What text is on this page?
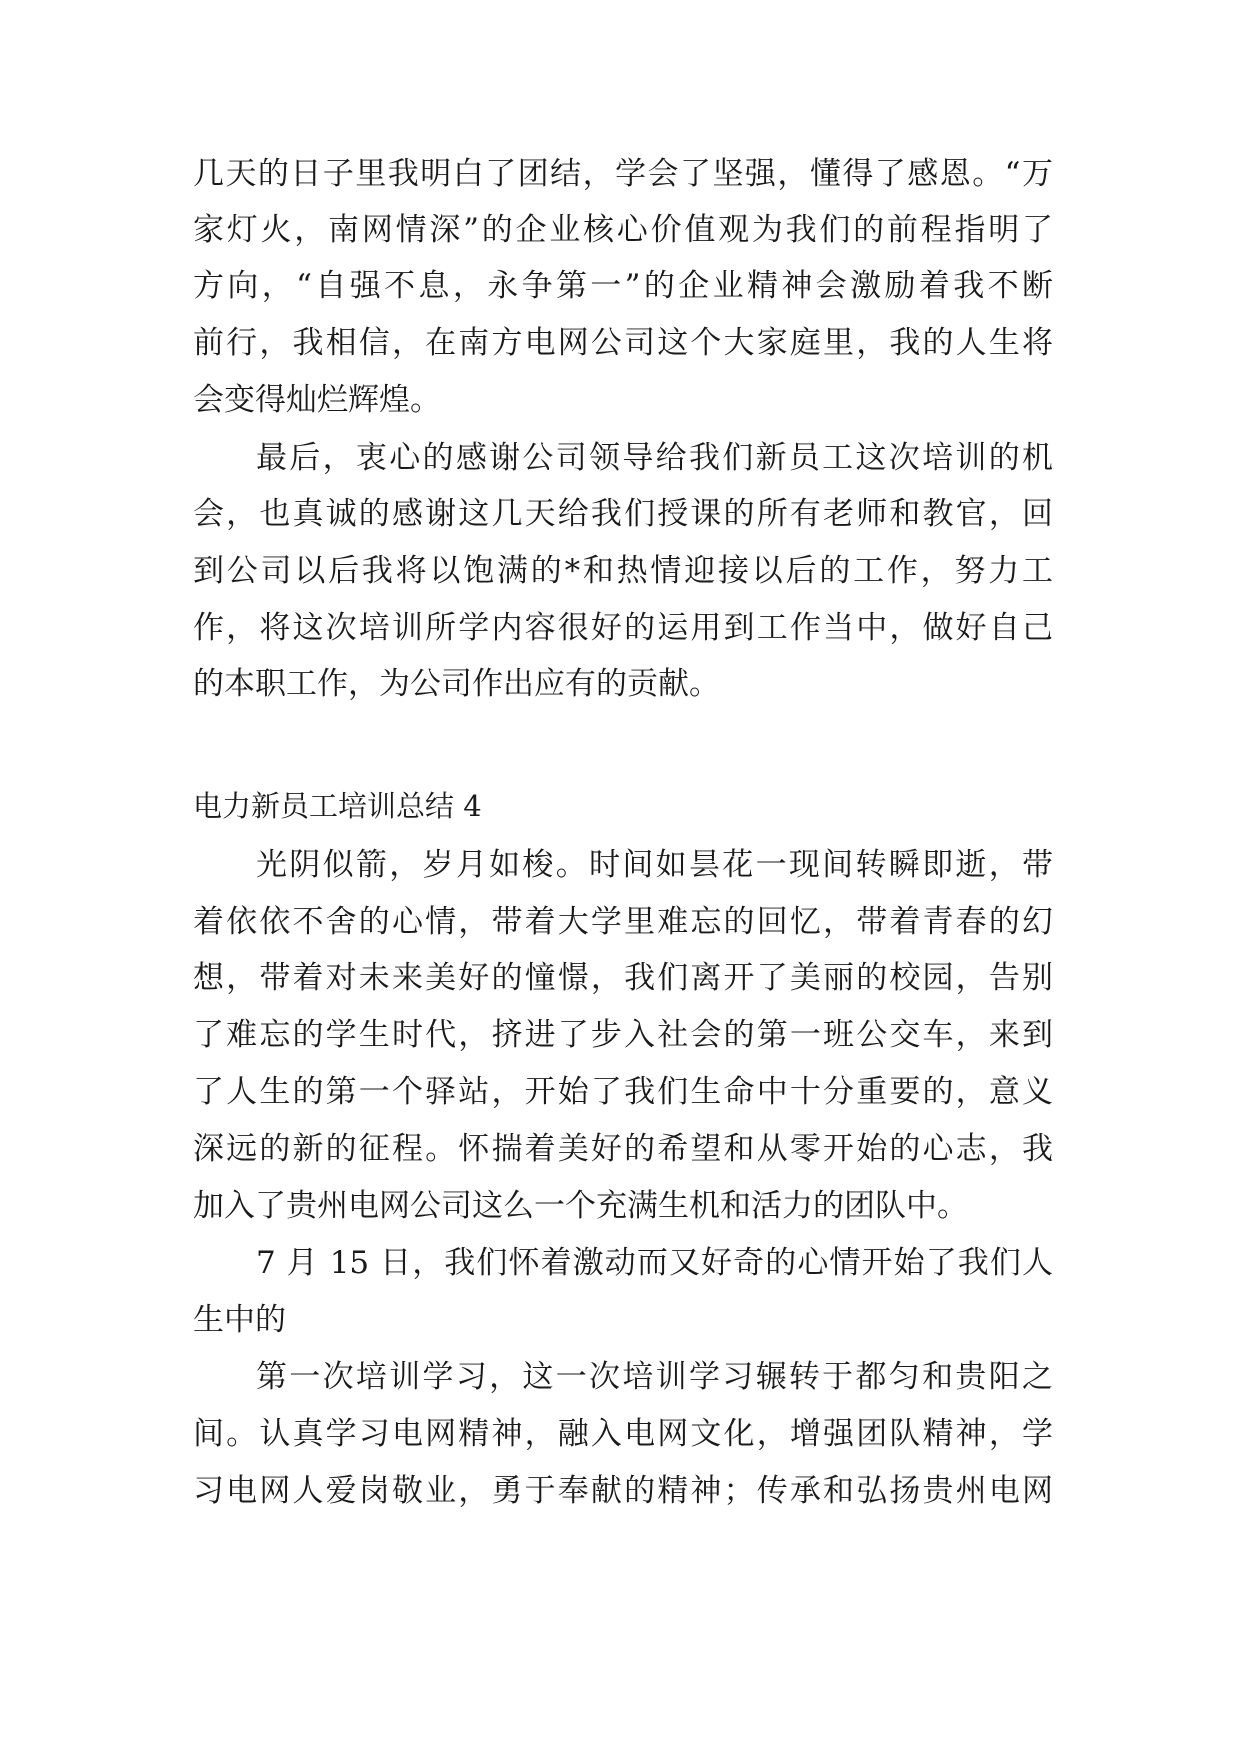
几天的日子里我明白了团结，学会了坚强，懂得了感恩。“万
家灯火，南网情深”的企业核心价值观为我们的前程指明了
方向，“自强不息，永争第一”的企业精神会激励着我不断
前行，我相信，在南方电网公司这个大家庭里，我的人生将
会变得灿烂辉煌。
最后，衷心的感谢公司领导给我们新员工这次培训的机
会，也真诚的感谢这几天给我们授课的所有老师和教官，回
到公司以后我将以饱满的*和热情迎接以后的工作，努力工
作，将这次培训所学内容很好的运用到工作当中，做好自己
的本职工作，为公司作出应有的贡献。
电力新员工培训总结 4
光阴似箭，岁月如梭。时间如昙花一现间转瞬即逝，带
着依依不舍的心情，带着大学里难忘的回忆，带着青春的幻
想，带着对未来美好的憧憬，我们离开了美丽的校园，告别
了难忘的学生时代，挤进了步入社会的第一班公交车，来到
了人生的第一个驿站，开始了我们生命中十分重要的，意义
深远的新的征程。怀揣着美好的希望和从零开始的心志，我
加入了贵州电网公司这么一个充满生机和活力的团队中。
7 月 15 日，我们怀着激动而又好奇的心情开始了我们人
生中的
第一次培训学习，这一次培训学习辗转于都匀和贵阳之
间。认真学习电网精神，融入电网文化，增强团队精神，学
习电网人爱岗敬业，勇于奉献的精神；传承和弘扬贵州电网
